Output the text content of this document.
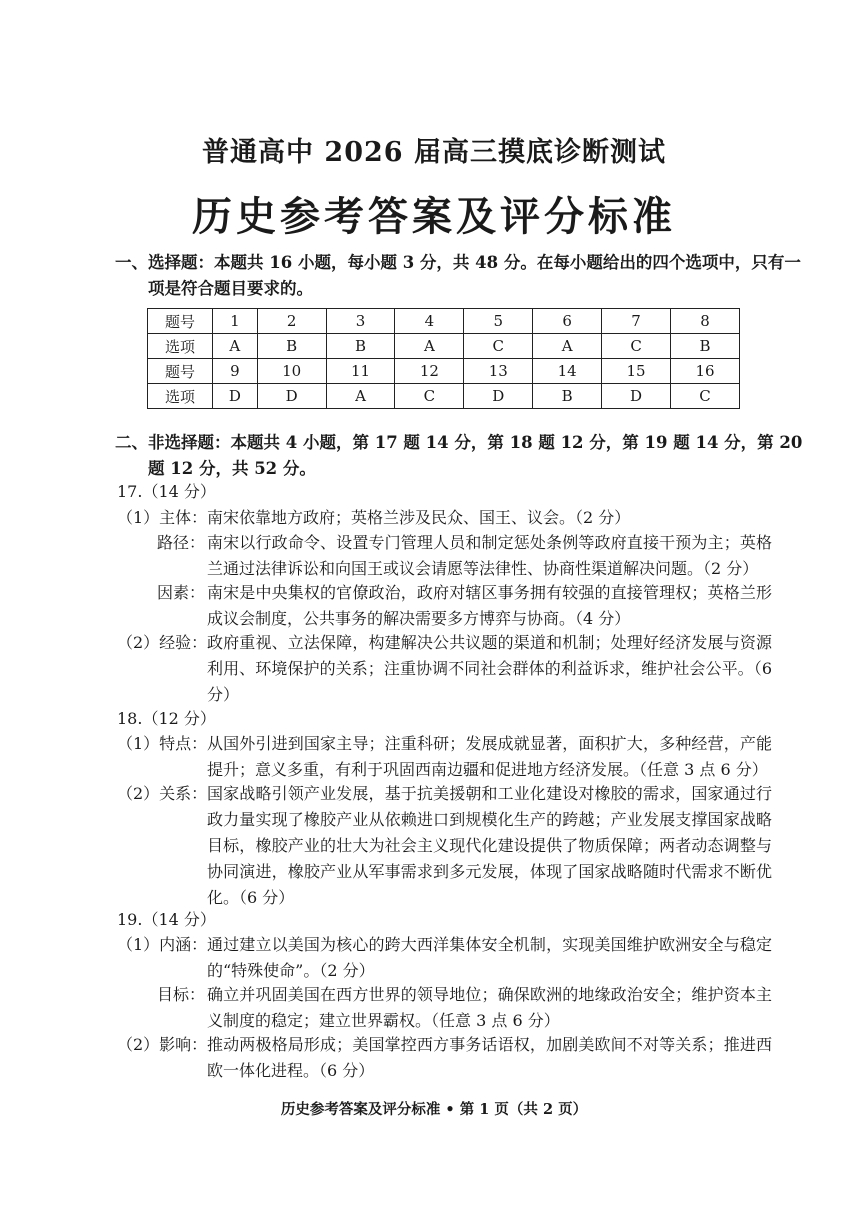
普通高中 2026 届高三摸底诊断测试
历史参考答案及评分标准
一、选择题：本题共 16 小题，每小题 3 分，共 48 分。在每小题给出的四个选项中，只有一项是符合题目要求的。
题号	1	2	3	4	5	6	7	8
选项	A	B	B	A	C	A	C	B
题号	9	10	11	12	13	14	15	16
选项	D	D	A	C	D	B	D	C
二、非选择题：本题共 4 小题，第 17 题 14 分，第 18 题 12 分，第 19 题 14 分，第 20 题 12 分，共 52 分。
17.（14 分）
（1）主体： 南宋依靠地方政府；英格兰涉及民众、国王、议会。（2 分）
路径： 南宋以行政命令、设置专门管理人员和制定惩处条例等政府直接干预为主；英格兰通过法律诉讼和向国王或议会请愿等法律性、协商性渠道解决问题。（2 分）
因素： 南宋是中央集权的官僚政治，政府对辖区事务拥有较强的直接管理权；英格兰形成议会制度，公共事务的解决需要多方博弈与协商。（4 分）
（2）经验： 政府重视、立法保障，构建解决公共议题的渠道和机制；处理好经济发展与资源利用、环境保护的关系；注重协调不同社会群体的利益诉求，维护社会公平。（6 分）
18.（12 分）
（1）特点： 从国外引进到国家主导；注重科研；发展成就显著，面积扩大，多种经营，产能提升；意义多重，有利于巩固西南边疆和促进地方经济发展。（任意 3 点 6 分）
（2）关系： 国家战略引领产业发展，基于抗美援朝和工业化建设对橡胶的需求，国家通过行政力量实现了橡胶产业从依赖进口到规模化生产的跨越；产业发展支撑国家战略目标，橡胶产业的壮大为社会主义现代化建设提供了物质保障；两者动态调整与协同演进，橡胶产业从军事需求到多元发展，体现了国家战略随时代需求不断优化。（6 分）
19.（14 分）
（1）内涵： 通过建立以美国为核心的跨大西洋集体安全机制，实现美国维护欧洲安全与稳定的“特殊使命”。（2 分）
目标： 确立并巩固美国在西方世界的领导地位；确保欧洲的地缘政治安全；维护资本主义制度的稳定；建立世界霸权。（任意 3 点 6 分）
（2）影响： 推动两极格局形成；美国掌控西方事务话语权，加剧美欧间不对等关系；推进西欧一体化进程。（6 分）
历史参考答案及评分标准 • 第 1 页（共 2 页）
